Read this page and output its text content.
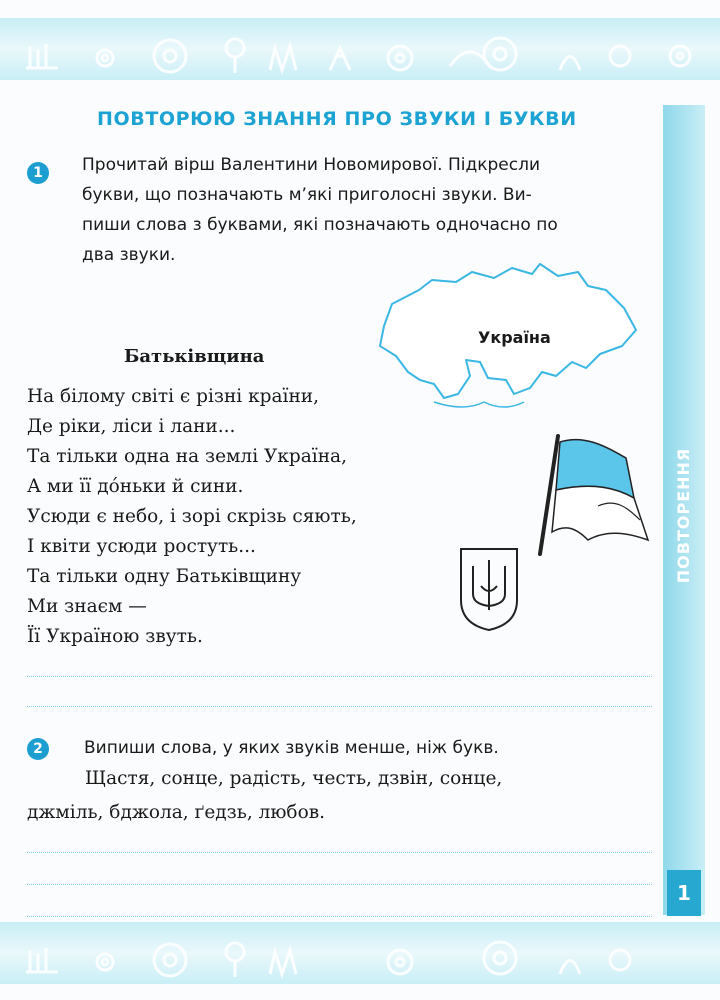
ПОВТОРЮЮ ЗНАННЯ ПРО ЗВУКИ І БУКВИ
ПОВТОРЕННЯ
1
1	Прочитай вірш Валентини Новомирової. Підкресли
букви, що позначають м’які приголосні звуки. Ви-
пиши слова з буквами, які позначають одночасно по
два звуки.
Україна
Батьківщина
На білому світі є різні країни,
Де ріки, ліси і лани...
Та тільки одна на землі Україна,
А ми її до́ньки й сини.
Усюди є небо, і зорі скрізь сяють,
І квіти усюди ростуть...
Та тільки одну Батьківщину
Ми знаєм —
Її Україною звуть.
2	Випиши слова, у яких звуків менше, ніж букв.
Щастя, сонце, радість, честь, дзвін, сонце,
джміль, бджола, ґедзь, любов.
